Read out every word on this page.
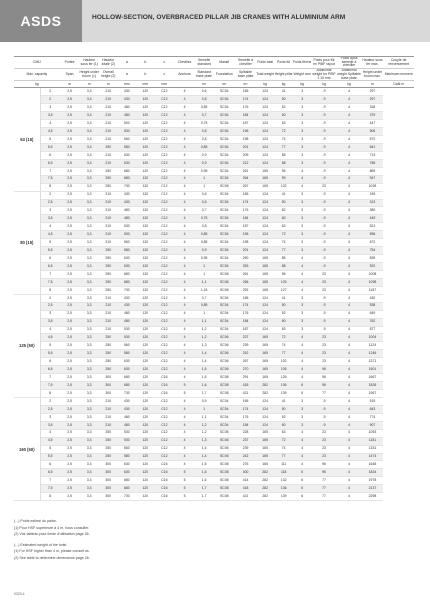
ASDS	HOLLOW-SECTION, OVERBRACED PILLAR JIB CRANES WITH ALUMINIUM ARM
CMU		Portée	Hauteur sous fer (1)	Hauteur totale (2)	a	b	c	Chevilles	Semelle standard	Massif	Semelle à cheviller	Poids total	Poids fût	Poids flèche	Poids pour fût en PIBF rajout	Poids ajout semelle à cheviller	Hauteur sous fer max.	Couple de renversement
Max. capacity		Span	Height under boom (1)	Overall height (2)	a	b	c	Anchors	Standard base plate	Foundation	Splitable base plate	Total weight	Height pillar	Weight arm	Additional weight for PIBF 1 10 mm	Additional weight Splitable base plate	Height under boom max.	Maximum moment
kg		m	m	m	mm	mm	mm		m³	m³	m³	kg	kg	kg	kg	kg	m	DaN.m
63 (15)	2	2,5	3,3	210	430	120	C12	4	0,6	SC04	165	124	41	3	-9	4	297	
	2	2,5	3,3	210	430	120	C12	4	0,8	SC04	174	124	50	3	-9	4	297	
	3	2,5	3,3	210	480	120	C12	4	0,65	SC04	176	124	52	3	-9	4	318	
	3,5	2,5	3,3	210	480	120	C12	4	0,7	SC04	184	124	60	3	-9	4	379	
	4	2,5	3,3	210	500	120	C12	4	0,75	SC04	187	124	63	3	-9	4	447	
	4,5	2,5	3,3	210	530	120	C12	4	0,8	SC04	196	124	72	3	-9	4	506	
	5	2,5	3,3	210	560	120	C12	4	0,8	SC04	198	124	74	3	-9	4	572	
	5,5	2,5	3,3	250	580	120	C12	4	0,85	SC04	201	124	77	3	-9	4	641	
	6	2,5	3,3	210	630	120	C12	4	0,9	SC04	209	124	85	3	-9	4	713	
	6,5	2,5	3,3	210	630	120	C12	4	0,9	SC04	212	124	88	3	-9	4	785	
	7	2,5	3,3	250	680	120	C12	4	0,95	SC04	261	165	96	4	-9	4	869	
	7,5	2,5	3,3	250	680	120	C12	4	1	SC04	264	165	99	4	-9	4	947	
	8	2,5	3,3	250	730	120	C12	4	1	SC06	267	165	102	4	23	4	1028	
80 (15)	2	2,5	3,3	210	430	120	C12	4	0,6	SC04	165	124	41	3	-9	4	249	
	2,5	2,5	3,3	210	430	120	C12	4	0,6	SC04	174	124	50	3	-9	4	313	
	3	2,5	3,3	210	480	120	C12	4	0,7	SC04	176	124	52	3	-9	4	380	
	3,5	2,5	3,3	210	480	120	C12	4	0,75	SC04	184	124	60	3	-9	4	449	
	4	2,5	3,3	210	530	120	C12	4	0,8	SC04	187	124	63	3	-9	4	521	
	4,5	2,5	3,3	210	530	120	C12	4	0,85	SC04	196	124	72	3	-9	4	596	
	5	2,5	3,3	210	560	120	C12	4	0,85	SC04	198	124	74	3	-9	4	672	
	5,5	2,5	3,3	250	580	120	C12	4	0,9	SC04	201	124	77	3	-9	4	754	
	6	2,5	3,3	250	630	120	C12	4	0,95	SC04	250	165	85	4	-9	4	839	
	6,5	2,5	3,3	250	630	120	C12	4	1	SC04	253	165	88	4	-9	4	922	
	7	2,5	3,3	250	680	120	C12	4	1	SC06	261	165	96	4	23	4	1008	
	7,5	2,5	3,3	250	680	120	C12	4	1,1	SC06	266	165	125	4	23	4	1098	
	8	2,5	3,3	250	730	120	C12	4	1,15	SC06	292	165	127	4	23	4	1187	
125 (50)	2	2,5	3,3	210	430	120	C12	4	0,7	SC04	165	124	41	3	-9	4	430	
	2,5	2,5	3,3	210	430	120	C12	4	0,85	SC04	174	124	50	3	-9	4	538	
	3	2,5	3,3	210	480	120	C12	4	1	SC04	176	124	52	3	-9	4	649	
	3,5	2,5	3,3	210	480	120	C12	4	1,1	SC04	184	124	60	3	-9	4	762	
	4	2,5	3,3	210	530	120	C12	4	1,2	SC04	187	124	63	3	-9	4	877	
	4,5	2,5	3,3	250	530	120	C12	4	1,2	SC06	237	165	72	4	23	4	1004	
	5	2,5	3,3	250	560	120	C12	4	1,3	SC06	239	165	74	4	23	4	1124	
	5,5	2,5	3,3	250	580	120	C12	4	1,4	SC06	242	165	77	4	23	4	1246	
	6	2,5	3,3	250	630	120	C12	4	1,4	SC06	267	165	102	4	23	4	1371	
	6,5	2,5	3,3	250	630	120	C12	4	1,5	SC06	270	165	105	4	96	4	1501	
	7	2,5	3,3	300	680	120	C16	4	1,5	SC08	291	165	126	4	96	4	1667	
	7,5	2,5	3,3	300	680	120	C16	5	1,6	SC08	418	282	136	6	96	4	1826	
	8	2,5	3,3	300	730	120	C16	5	1,7	SC08	421	282	139	6	77	4	1967	
160 (50)	2	2,5	3,3	210	430	120	C12	4	0,9	SC04	165	124	41	3	-9	4	515	
	2,5	2,5	3,3	210	430	120	C12	4	1	SC04	174	124	50	3	-9	4	643	
	3	2,5	3,3	210	480	120	C12	4	1,1	SC04	176	124	52	3	-9	4	774	
	3,5	2,5	3,3	210	480	120	C12	4	1,2	SC04	184	124	60	3	-9	4	907	
	4	2,5	3,3	250	530	120	C12	4	1,2	SC06	228	165	63	4	23	4	1053	
	4,5	2,5	3,3	250	530	120	C12	4	1,3	SC06	237	165	72	4	23	4	1181	
	5	2,5	3,3	250	560	120	C12	4	1,4	SC06	239	165	74	4	23	4	1331	
	5,5	2,5	3,3	250	580	120	C12	4	1,4	SC06	242	165	77	4	23	4	1474	
	6	2,5	3,3	300	630	120	C16	4	1,5	SC08	276	165	111	4	96	4	1648	
	6,5	2,5	3,3	300	630	120	C16	5	1,6	SC08	400	282	118	6	96	4	1824	
	7	2,5	3,3	300	680	120	C16	5	1,6	SC08	414	282	132	6	77	4	1978	
	7,5	2,5	3,3	300	680	120	C16	5	1,7	SC08	418	282	136	6	77	4	2137	
	8	2,5	3,3	300	730	120	C16	5	1,7	SC08	421	282	139	6	77	4	2298	
(...) Poids estimé du palan.
(1) Pour HSF supérieure à 4 m, nous consulter.
(2) Voir tableau pour limite d'utilisation page 26.
(...) Estimated weight of the hoist.
(1) For HSF higher than 4 m, please consult us.
(2) See table to determine dimensions page 26.
0323-4
